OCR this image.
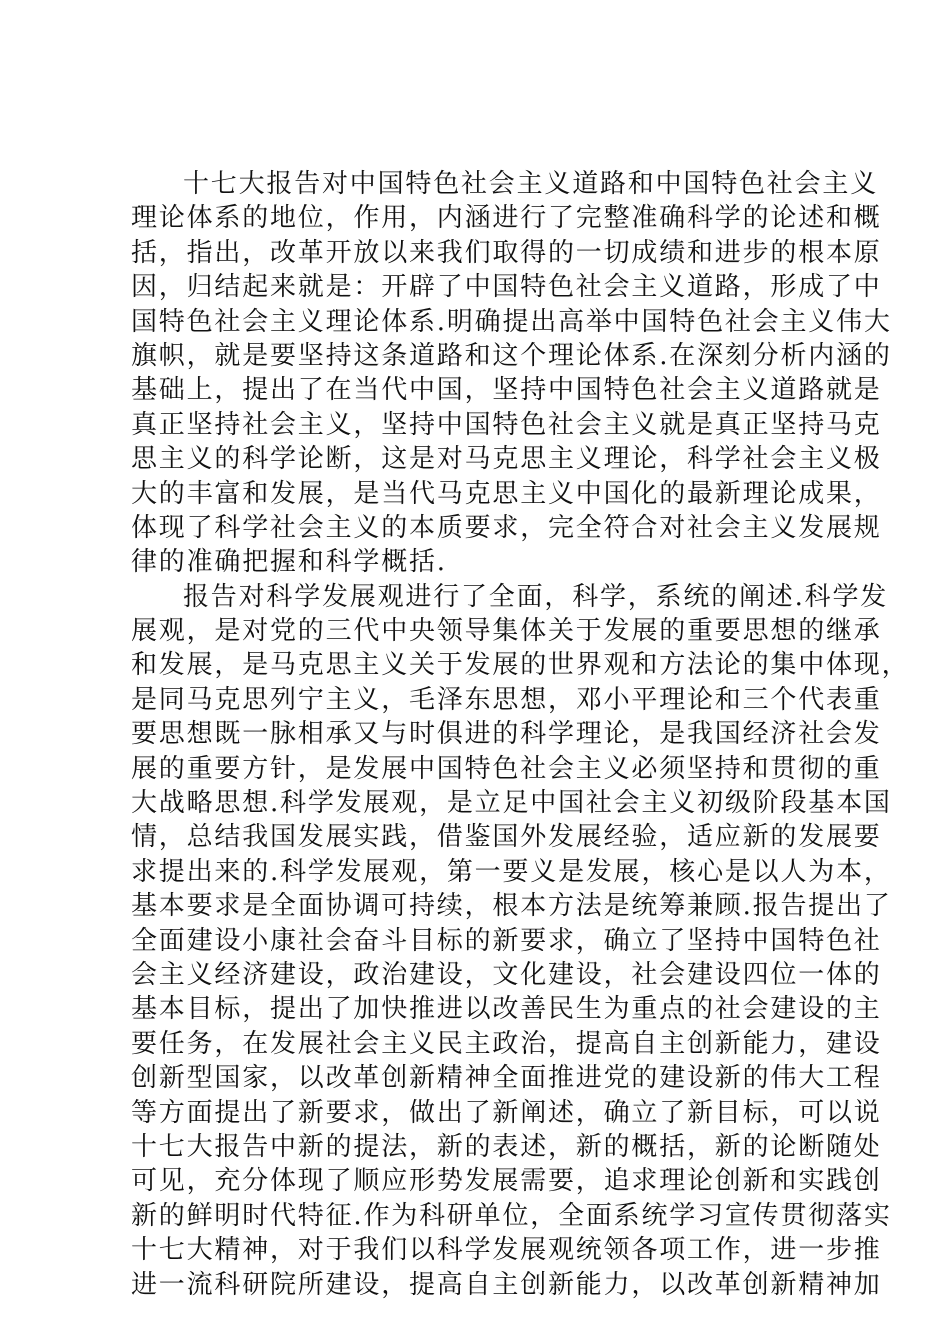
十七大报告对中国特色社会主义道路和中国特色社会主义
理论体系的地位，作用，内涵进行了完整准确科学的论述和概
括，指出，改革开放以来我们取得的一切成绩和进步的根本原
因，归结起来就是：开辟了中国特色社会主义道路，形成了中
国特色社会主义理论体系.明确提出高举中国特色社会主义伟大
旗帜，就是要坚持这条道路和这个理论体系.在深刻分析内涵的
基础上，提出了在当代中国，坚持中国特色社会主义道路就是
真正坚持社会主义，坚持中国特色社会主义就是真正坚持马克
思主义的科学论断，这是对马克思主义理论，科学社会主义极
大的丰富和发展，是当代马克思主义中国化的最新理论成果，
体现了科学社会主义的本质要求，完全符合对社会主义发展规
律的准确把握和科学概括.
报告对科学发展观进行了全面，科学，系统的阐述.科学发
展观，是对党的三代中央领导集体关于发展的重要思想的继承
和发展，是马克思主义关于发展的世界观和方法论的集中体现，
是同马克思列宁主义，毛泽东思想，邓小平理论和三个代表重
要思想既一脉相承又与时俱进的科学理论，是我国经济社会发
展的重要方针，是发展中国特色社会主义必须坚持和贯彻的重
大战略思想.科学发展观，是立足中国社会主义初级阶段基本国
情，总结我国发展实践，借鉴国外发展经验，适应新的发展要
求提出来的.科学发展观，第一要义是发展，核心是以人为本，
基本要求是全面协调可持续，根本方法是统筹兼顾.报告提出了
全面建设小康社会奋斗目标的新要求，确立了坚持中国特色社
会主义经济建设，政治建设，文化建设，社会建设四位一体的
基本目标，提出了加快推进以改善民生为重点的社会建设的主
要任务，在发展社会主义民主政治，提高自主创新能力，建设
创新型国家，以改革创新精神全面推进党的建设新的伟大工程
等方面提出了新要求，做出了新阐述，确立了新目标，可以说
十七大报告中新的提法，新的表述，新的概括，新的论断随处
可见，充分体现了顺应形势发展需要，追求理论创新和实践创
新的鲜明时代特征.作为科研单位，全面系统学习宣传贯彻落实
十七大精神，对于我们以科学发展观统领各项工作，进一步推
进一流科研院所建设，提高自主创新能力，以改革创新精神加
